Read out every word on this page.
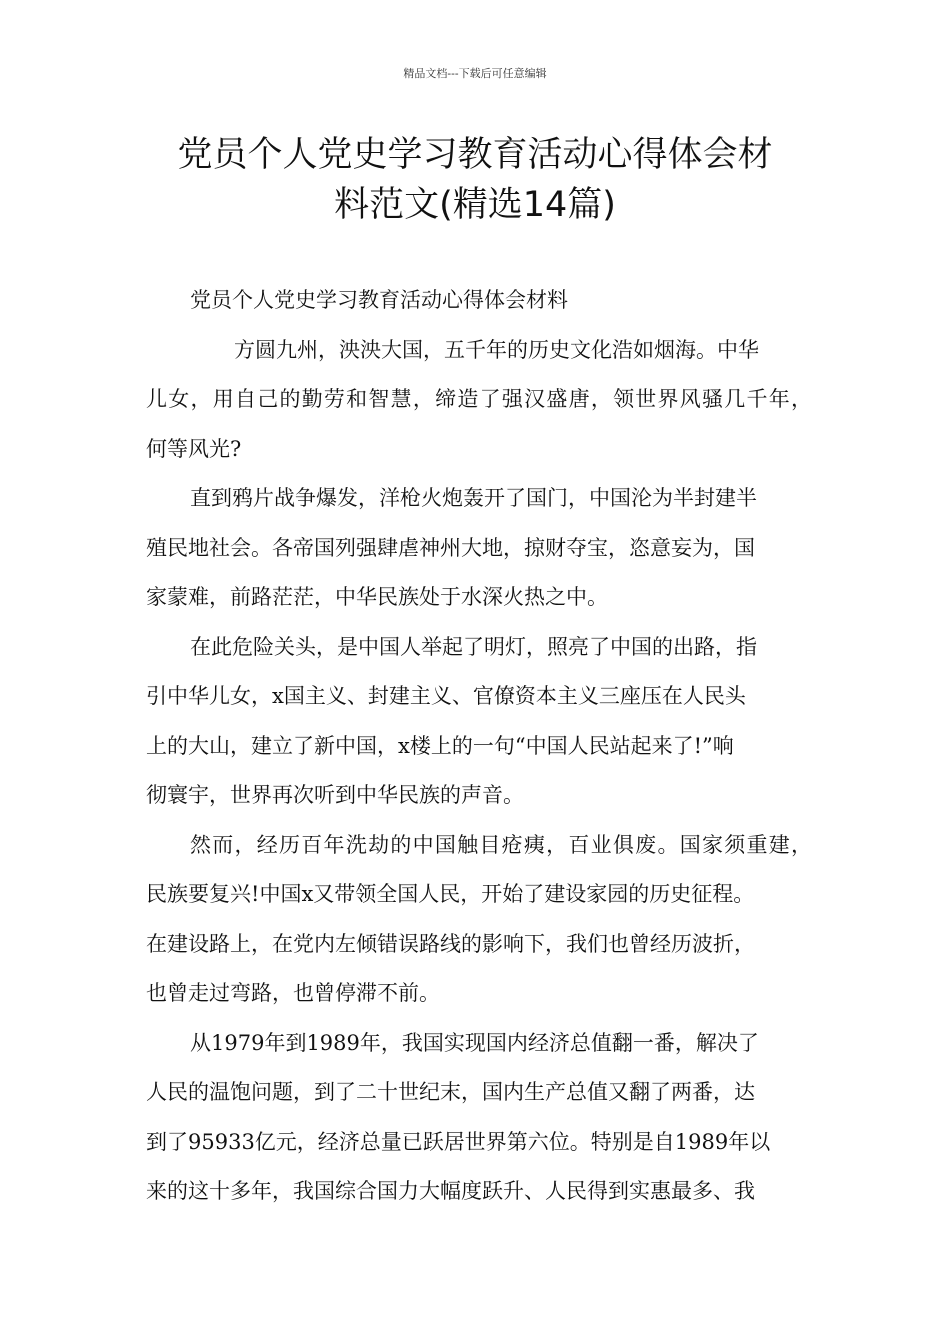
精品文档---下载后可任意编辑
党员个人党史学习教育活动心得体会材
料范文(精选14篇)
党员个人党史学习教育活动心得体会材料
方圆九州，泱泱大国，五千年的历史文化浩如烟海。中华
儿女，用自己的勤劳和智慧，缔造了强汉盛唐，领世界风骚几千年，
何等风光?
直到鸦片战争爆发，洋枪火炮轰开了国门，中国沦为半封建半
殖民地社会。各帝国列强肆虐神州大地，掠财夺宝，恣意妄为，国
家蒙难，前路茫茫，中华民族处于水深火热之中。
在此危险关头，是中国人举起了明灯，照亮了中国的出路，指
引中华儿女，x国主义、封建主义、官僚资本主义三座压在人民头
上的大山，建立了新中国，x楼上的一句“中国人民站起来了!”响
彻寰宇，世界再次听到中华民族的声音。
然而，经历百年洗劫的中国触目疮痍，百业俱废。国家须重建，
民族要复兴!中国x又带领全国人民，开始了建设家园的历史征程。
在建设路上，在党内左倾错误路线的影响下，我们也曾经历波折，
也曾走过弯路，也曾停滞不前。
从1979年到1989年，我国实现国内经济总值翻一番，解决了
人民的温饱问题，到了二十世纪末，国内生产总值又翻了两番，达
到了95933亿元，经济总量已跃居世界第六位。特别是自1989年以
来的这十多年，我国综合国力大幅度跃升、人民得到实惠最多、我
